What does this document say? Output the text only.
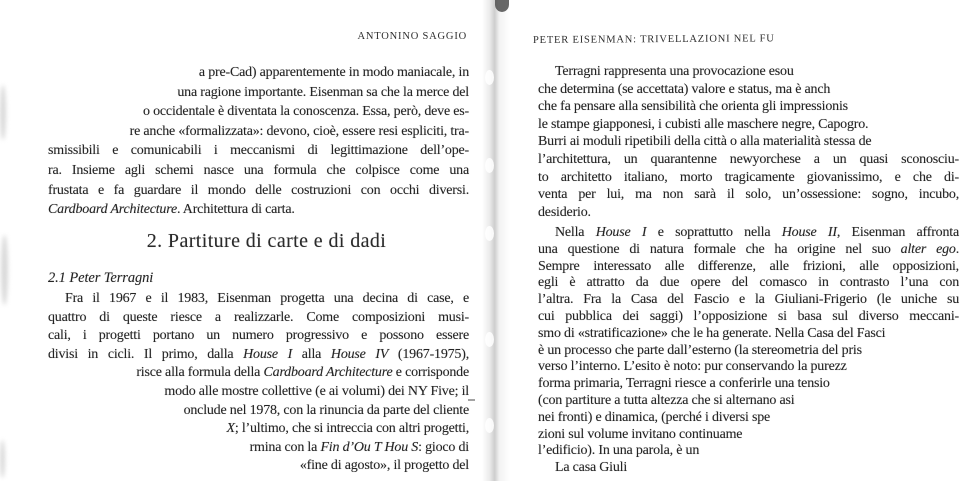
ANTONINO SAGGIO
a pre-Cad) apparentemente in modo maniacale, in
una ragione importante. Eisenman sa che la merce del
o occidentale è diventata la conoscenza. Essa, però, deve es-
re anche «formalizzata»: devono, cioè, essere resi espliciti, tra-
smissibili e comunicabili i meccanismi di legittimazione dell’ope-
ra. Insieme agli schemi nasce una formula che colpisce come una
frustata e fa guardare il mondo delle costruzioni con occhi diversi.
Cardboard Architecture. Architettura di carta.
2. Partiture di carte e di dadi
2.1 Peter Terragni
Fra il 1967 e il 1983, Eisenman progetta una decina di case, e
quattro di queste riesce a realizzarle. Come composizioni musi-
cali, i progetti portano un numero progressivo e possono essere
divisi in cicli. Il primo, dalla House I alla House IV (1967-1975),
risce alla formula della Cardboard Architecture e corrisponde
modo alle mostre collettive (e ai volumi) dei NY Five; il
onclude nel 1978, con la rinuncia da parte del cliente
X; l’ultimo, che si intreccia con altri progetti,
rmina con la Fin d’Ou T Hou S: gioco di
«fine di agosto», il progetto del
PETER EISENMAN: TRIVELLAZIONI NEL FU
Terragni rappresenta una provocazione esou
che determina (se accettata) valore e status, ma è anch
che fa pensare alla sensibilità che orienta gli impressionis
le stampe giapponesi, i cubisti alle maschere negre, Capogro.
Burri ai moduli ripetibili della città o alla materialità stessa de
l’architettura, un quarantenne newyorchese a un quasi sconosciu-
to architetto italiano, morto tragicamente giovanissimo, e che di-
venta per lui, ma non sarà il solo, un’ossessione: sogno, incubo,
desiderio.
Nella House I e soprattutto nella House II, Eisenman affronta
una questione di natura formale che ha origine nel suo alter ego.
Sempre interessato alle differenze, alle frizioni, alle opposizioni,
egli è attratto da due opere del comasco in contrasto l’una con
l’altra. Fra la Casa del Fascio e la Giuliani-Frigerio (le uniche su
cui pubblica dei saggi) l’opposizione si basa sul diverso meccani-
smo di «stratificazione» che le ha generate. Nella Casa del Fasci
è un processo che parte dall’esterno (la stereometria del pris
verso l’interno. L’esito è noto: pur conservando la purezz
forma primaria, Terragni riesce a conferirle una tensio
(con partiture a tutta altezza che si alternano asi
nei fronti) e dinamica, (perché i diversi spe
zioni sul volume invitano continuame
l’edificio). In una parola, è un
La casa Giuli
